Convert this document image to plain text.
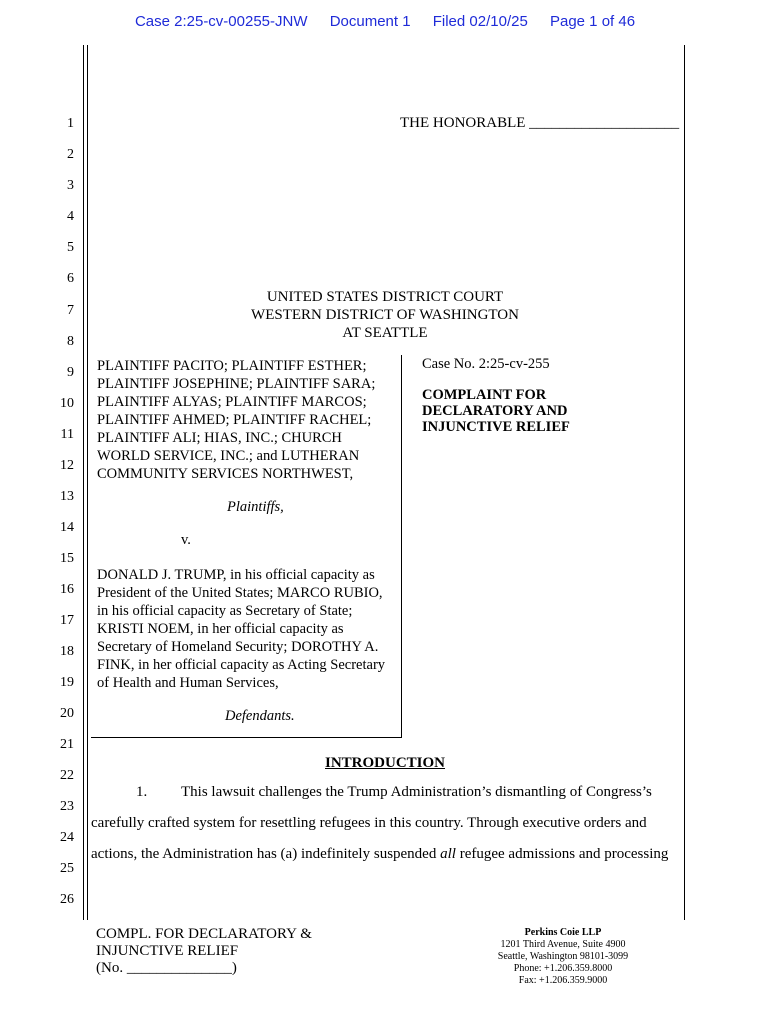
Case 2:25-cv-00255-JNW Document 1 Filed 02/10/25 Page 1 of 46
1
2
3
4
5
6
7
8
9
10
11
12
13
14
15
16
17
18
19
20
21
22
23
24
25
26
THE HONORABLE ____________________
UNITED STATES DISTRICT COURT
WESTERN DISTRICT OF WASHINGTON
AT SEATTLE
PLAINTIFF PACITO; PLAINTIFF ESTHER;
PLAINTIFF JOSEPHINE; PLAINTIFF SARA;
PLAINTIFF ALYAS; PLAINTIFF MARCOS;
PLAINTIFF AHMED; PLAINTIFF RACHEL;
PLAINTIFF ALI; HIAS, INC.; CHURCH
WORLD SERVICE, INC.; and LUTHERAN
COMMUNITY SERVICES NORTHWEST,
Plaintiffs,
v.
DONALD J. TRUMP, in his official capacity as
President of the United States; MARCO RUBIO,
in his official capacity as Secretary of State;
KRISTI NOEM, in her official capacity as
Secretary of Homeland Security; DOROTHY A.
FINK, in her official capacity as Acting Secretary
of Health and Human Services,
Defendants.
Case No. 2:25-cv-255
COMPLAINT FOR
DECLARATORY AND
INJUNCTIVE RELIEF
INTRODUCTION
1. This lawsuit challenges the Trump Administration’s dismantling of Congress’s
carefully crafted system for resettling refugees in this country. Through executive orders and
actions, the Administration has (a) indefinitely suspended all refugee admissions and processing
COMPL. FOR DECLARATORY &
INJUNCTIVE RELIEF
(No. ______________)
Perkins Coie LLP
1201 Third Avenue, Suite 4900
Seattle, Washington 98101-3099
Phone: +1.206.359.8000
Fax: +1.206.359.9000
